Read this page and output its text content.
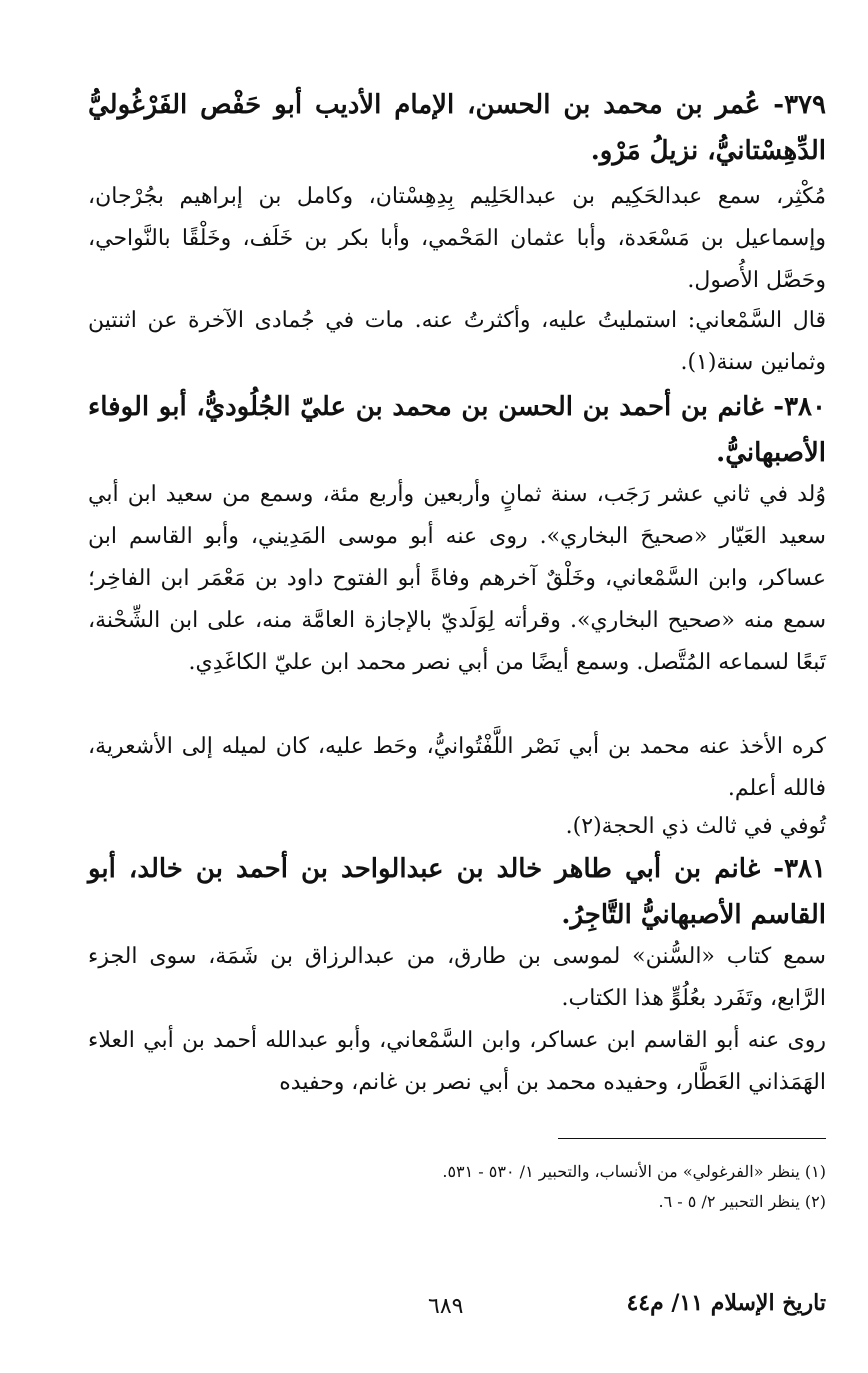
٣٧٩- عُمر بن محمد بن الحسن، الإمام الأديب أبو حَفْص الفَرْغُوليُّ الدِّهِسْتانيُّ، نزيلُ مَرْو.
مُكْثِر، سمع عبدالحَكِيم بن عبدالحَلِيم بِدِهِسْتان، وكامل بن إبراهيم بجُرْجان، وإسماعيل بن مَسْعَدة، وأبا عثمان المَحْمي، وأبا بكر بن خَلَف، وخَلْقًا بالنَّواحي، وحَصَّل الأُصول.
قال السَّمْعاني: استمليتُ عليه، وأكثرتُ عنه. مات في جُمادى الآخرة عن اثنتين وثمانين سنة(١).
٣٨٠- غانم بن أحمد بن الحسن بن محمد بن عليّ الجُلُوديُّ، أبو الوفاء الأصبهانيُّ.
وُلد في ثاني عشر رَجَب، سنة ثمانٍ وأربعين وأربع مئة، وسمع من سعيد ابن أبي سعيد العَيّار «صحيحَ البخاري». روى عنه أبو موسى المَدِيني، وأبو القاسم ابن عساكر، وابن السَّمْعاني، وخَلْقٌ آخرهم وفاةً أبو الفتوح داود بن مَعْمَر ابن الفاخِر؛ سمع منه «صحيح البخاري». وقرأته لِوَلَديّ بالإجازة العامَّة منه، على ابن الشِّحْنة، تَبعًا لسماعه المُتَّصل. وسمع أيضًا من أبي نصر محمد ابن عليّ الكاغَدِي.
كره الأخذ عنه محمد بن أبي نَصْر اللَّفْتُوانيُّ، وحَط عليه، كان لميله إلى الأشعرية، فالله أعلم.
تُوفي في ثالث ذي الحجة(٢).
٣٨١- غانم بن أبي طاهر خالد بن عبدالواحد بن أحمد بن خالد، أبو القاسم الأصبهانيُّ التَّاجِرُ.
سمع كتاب «السُّنن» لموسى بن طارق، من عبدالرزاق بن شَمَة، سوى الجزء الرَّابع، وتَفَرد بعُلُوٍّ هذا الكتاب.
روى عنه أبو القاسم ابن عساكر، وابن السَّمْعاني، وأبو عبدالله أحمد بن أبي العلاء الهَمَذاني العَطَّار، وحفيده محمد بن أبي نصر بن غانم، وحفيده
(١) ينظر «الفرغولي» من الأنساب، والتحبير ١/ ٥٣٠ - ٥٣١.
(٢) ينظر التحبير ٢/ ٥ - ٦.
٦٨٩	تاريخ الإسلام ١١/ م٤٤
